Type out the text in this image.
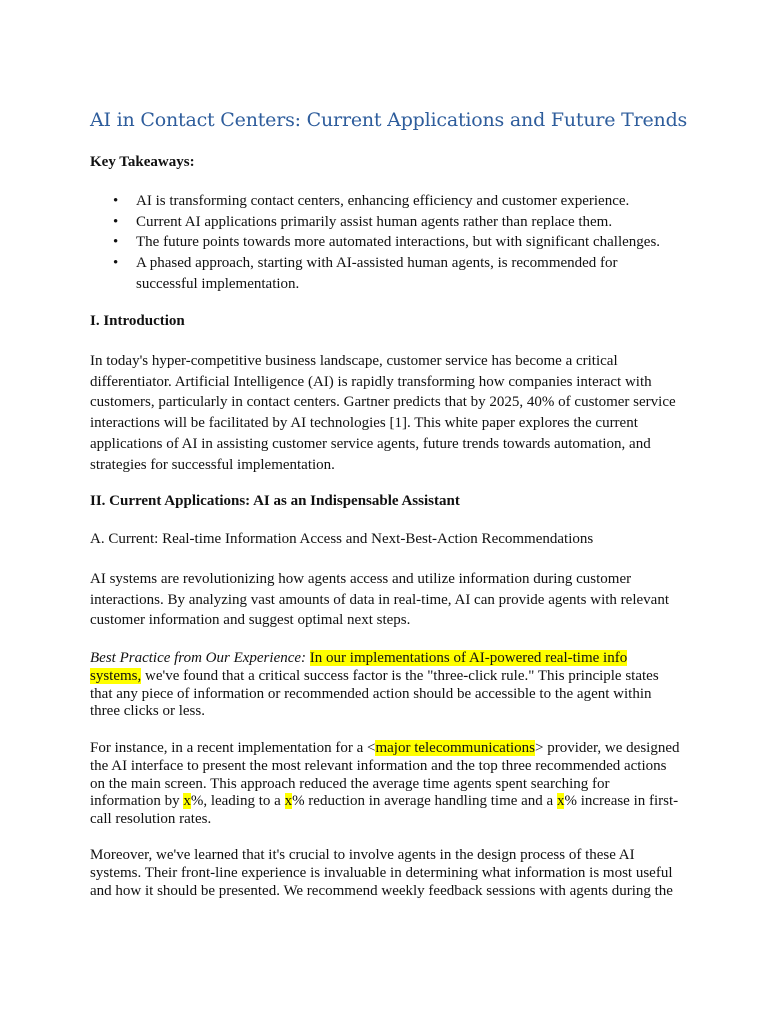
AI in Contact Centers: Current Applications and Future Trends

Key Takeaways:

• AI is transforming contact centers, enhancing efficiency and customer experience.
• Current AI applications primarily assist human agents rather than replace them.
• The future points towards more automated interactions, but with significant challenges.
• A phased approach, starting with AI-assisted human agents, is recommended for successful implementation.

I. Introduction

In today's hyper-competitive business landscape, customer service has become a critical differentiator. Artificial Intelligence (AI) is rapidly transforming how companies interact with customers, particularly in contact centers. Gartner predicts that by 2025, 40% of customer service interactions will be facilitated by AI technologies [1]. This white paper explores the current applications of AI in assisting customer service agents, future trends towards automation, and strategies for successful implementation.

II. Current Applications: AI as an Indispensable Assistant

A. Current: Real-time Information Access and Next-Best-Action Recommendations

AI systems are revolutionizing how agents access and utilize information during customer interactions. By analyzing vast amounts of data in real-time, AI can provide agents with relevant customer information and suggest optimal next steps.

Best Practice from Our Experience: In our implementations of AI-powered real-time info systems, we've found that a critical success factor is the "three-click rule." This principle states that any piece of information or recommended action should be accessible to the agent within three clicks or less.

For instance, in a recent implementation for a <major telecommunications> provider, we designed the AI interface to present the most relevant information and the top three recommended actions on the main screen. This approach reduced the average time agents spent searching for information by x%, leading to a x% reduction in average handling time and a x% increase in first-call resolution rates.

Moreover, we've learned that it's crucial to involve agents in the design process of these AI systems. Their front-line experience is invaluable in determining what information is most useful and how it should be presented. We recommend weekly feedback sessions with agents during the
